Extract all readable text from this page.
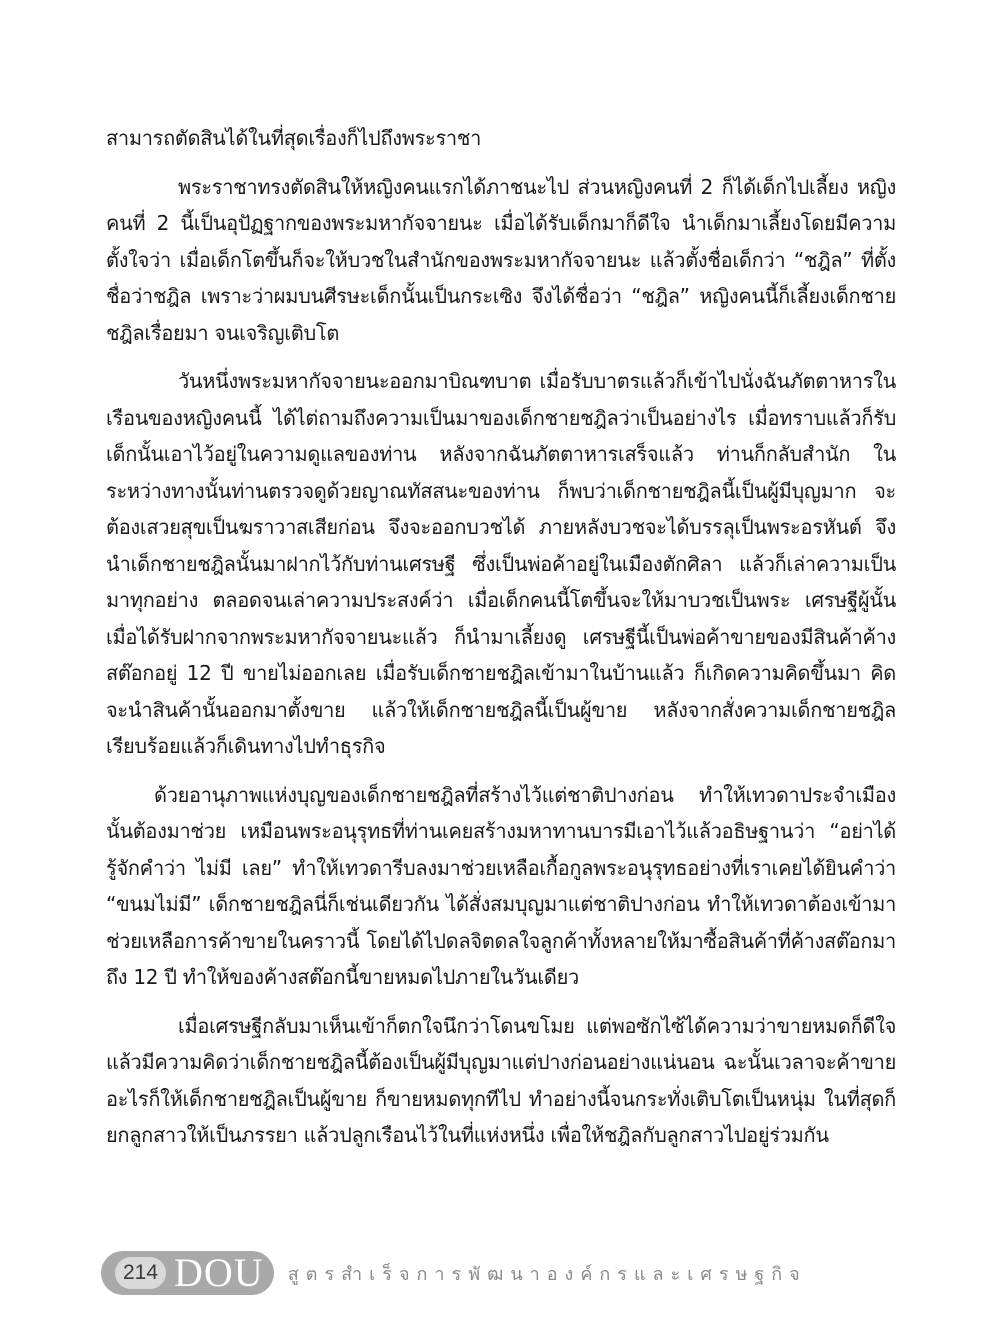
สามารถตัดสินได้ในที่สุดเรื่องก็ไปถึงพระราชา

พระราชาทรงตัดสินให้หญิงคนแรกได้ภาชนะไป ส่วนหญิงคนที่ 2 ก็ได้เด็กไปเลี้ยง หญิงคนที่ 2 นี้เป็นอุปัฏฐากของพระมหากัจจายนะ เมื่อได้รับเด็กมาก็ดีใจ นำเด็กมาเลี้ยงโดยมีความตั้งใจว่า เมื่อเด็กโตขึ้นก็จะให้บวชในสำนักของพระมหากัจจายนะ แล้วตั้งชื่อเด็กว่า “ชฎิล” ที่ตั้งชื่อว่าชฎิล เพราะว่าผมบนศีรษะเด็กนั้นเป็นกระเซิง จึงได้ชื่อว่า “ชฎิล” หญิงคนนี้ก็เลี้ยงเด็กชายชฎิลเรื่อยมา จนเจริญเติบโต

วันหนึ่งพระมหากัจจายนะออกมาบิณฑบาต เมื่อรับบาตรแล้วก็เข้าไปนั่งฉันภัตตาหารในเรือนของหญิงคนนี้ ได้ไต่ถามถึงความเป็นมาของเด็กชายชฎิลว่าเป็นอย่างไร เมื่อทราบแล้วก็รับเด็กนั้นเอาไว้อยู่ในความดูแลของท่าน หลังจากฉันภัตตาหารเสร็จแล้ว ท่านก็กลับสำนัก ในระหว่างทางนั้นท่านตรวจดูด้วยญาณทัสสนะของท่าน ก็พบว่าเด็กชายชฎิลนี้เป็นผู้มีบุญมาก จะต้องเสวยสุขเป็นฆราวาสเสียก่อน จึงจะออกบวชได้ ภายหลังบวชจะได้บรรลุเป็นพระอรหันต์ จึงนำเด็กชายชฎิลนั้นมาฝากไว้กับท่านเศรษฐี ซึ่งเป็นพ่อค้าอยู่ในเมืองตักศิลา แล้วก็เล่าความเป็นมาทุกอย่าง ตลอดจนเล่าความประสงค์ว่า เมื่อเด็กคนนี้โตขึ้นจะให้มาบวชเป็นพระ เศรษฐีผู้นั้นเมื่อได้รับฝากจากพระมหากัจจายนะแล้ว ก็นำมาเลี้ยงดู เศรษฐีนี้เป็นพ่อค้าขายของมีสินค้าค้างสต๊อกอยู่ 12 ปี ขายไม่ออกเลย เมื่อรับเด็กชายชฎิลเข้ามาในบ้านแล้ว ก็เกิดความคิดขึ้นมา คิดจะนำสินค้านั้นออกมาตั้งขาย แล้วให้เด็กชายชฎิลนี้เป็นผู้ขาย หลังจากสั่งความเด็กชายชฎิลเรียบร้อยแล้วก็เดินทางไปทำธุรกิจ

ด้วยอานุภาพแห่งบุญของเด็กชายชฎิลที่สร้างไว้แต่ชาติปางก่อน ทำให้เทวดาประจำเมืองนั้นต้องมาช่วย เหมือนพระอนุรุทธที่ท่านเคยสร้างมหาทานบารมีเอาไว้แล้วอธิษฐานว่า “อย่าได้รู้จักคำว่า ไม่มี เลย” ทำให้เทวดารีบลงมาช่วยเหลือเกื้อกูลพระอนุรุทธอย่างที่เราเคยได้ยินคำว่า “ขนมไม่มี” เด็กชายชฎิลนี่ก็เช่นเดียวกัน ได้สั่งสมบุญมาแต่ชาติปางก่อน ทำให้เทวดาต้องเข้ามาช่วยเหลือการค้าขายในคราวนี้ โดยได้ไปดลจิตดลใจลูกค้าทั้งหลายให้มาซื้อสินค้าที่ค้างสต๊อกมาถึง 12 ปี ทำให้ของค้างสต๊อกนี้ขายหมดไปภายในวันเดียว

เมื่อเศรษฐีกลับมาเห็นเข้าก็ตกใจนึกว่าโดนขโมย แต่พอซักไซ้ได้ความว่าขายหมดก็ดีใจ แล้วมีความคิดว่าเด็กชายชฎิลนี้ต้องเป็นผู้มีบุญมาแต่ปางก่อนอย่างแน่นอน ฉะนั้นเวลาจะค้าขายอะไรก็ให้เด็กชายชฎิลเป็นผู้ขาย ก็ขายหมดทุกทีไป ทำอย่างนี้จนกระทั่งเติบโตเป็นหนุ่ม ในที่สุดก็ยกลูกสาวให้เป็นภรรยา แล้วปลูกเรือนไว้ในที่แห่งหนึ่ง เพื่อให้ชฎิลกับลูกสาวไปอยู่ร่วมกัน

214 DOU สูตรสำเร็จการพัฒนาองค์กรและเศรษฐกิจ
